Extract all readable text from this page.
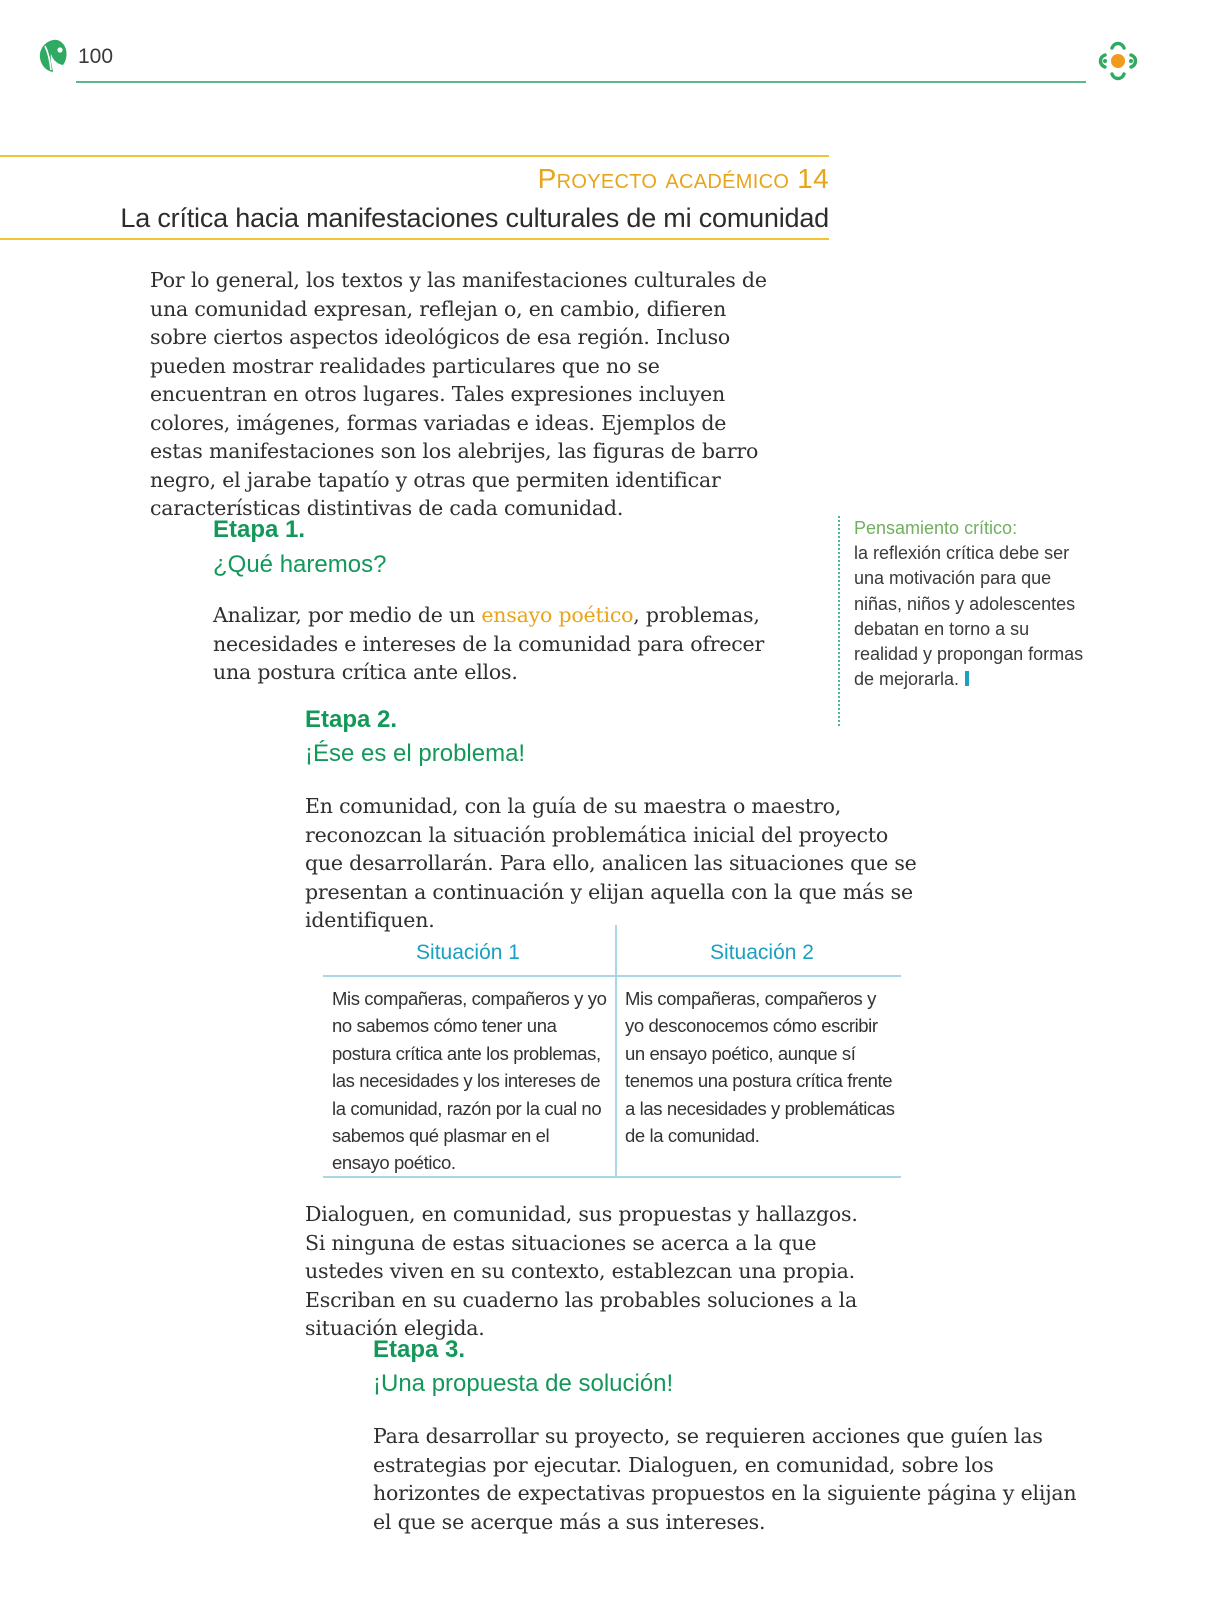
100
Proyecto académico 14
La crítica hacia manifestaciones culturales de mi comunidad
Por lo general, los textos y las manifestaciones culturales de una comunidad expresan, reflejan o, en cambio, difieren sobre ciertos aspectos ideológicos de esa región. Incluso pueden mostrar realidades particulares que no se encuentran en otros lugares. Tales expresiones incluyen colores, imágenes, formas variadas e ideas. Ejemplos de estas manifestaciones son los alebrijes, las figuras de barro negro, el jarabe tapatío y otras que permiten identificar características distintivas de cada comunidad.
Etapa 1.
¿Qué haremos?
Analizar, por medio de un ensayo poético, problemas, necesidades e intereses de la comunidad para ofrecer una postura crítica ante ellos.
Pensamiento crítico:
la reflexión crítica debe ser una motivación para que niñas, niños y adolescentes debatan en torno a su realidad y propongan formas de mejorarla.
Etapa 2.
¡Ése es el problema!
En comunidad, con la guía de su maestra o maestro, reconozcan la situación problemática inicial del proyecto que desarrollarán. Para ello, analicen las situaciones que se presentan a continuación y elijan aquella con la que más se identifiquen.
Situación 1	Situación 2
Mis compañeras, compañeros y yo no sabemos cómo tener una postura crítica ante los problemas, las necesidades y los intereses de la comunidad, razón por la cual no sabemos qué plasmar en el ensayo poético.
Mis compañeras, compañeros y yo desconocemos cómo escribir un ensayo poético, aunque sí tenemos una postura crítica frente a las necesidades y problemáticas de la comunidad.
Dialoguen, en comunidad, sus propuestas y hallazgos. Si ninguna de estas situaciones se acerca a la que ustedes viven en su contexto, establezcan una propia. Escriban en su cuaderno las probables soluciones a la situación elegida.
Etapa 3.
¡Una propuesta de solución!
Para desarrollar su proyecto, se requieren acciones que guíen las estrategias por ejecutar. Dialoguen, en comunidad, sobre los horizontes de expectativas propuestos en la siguiente página y elijan el que se acerque más a sus intereses.
